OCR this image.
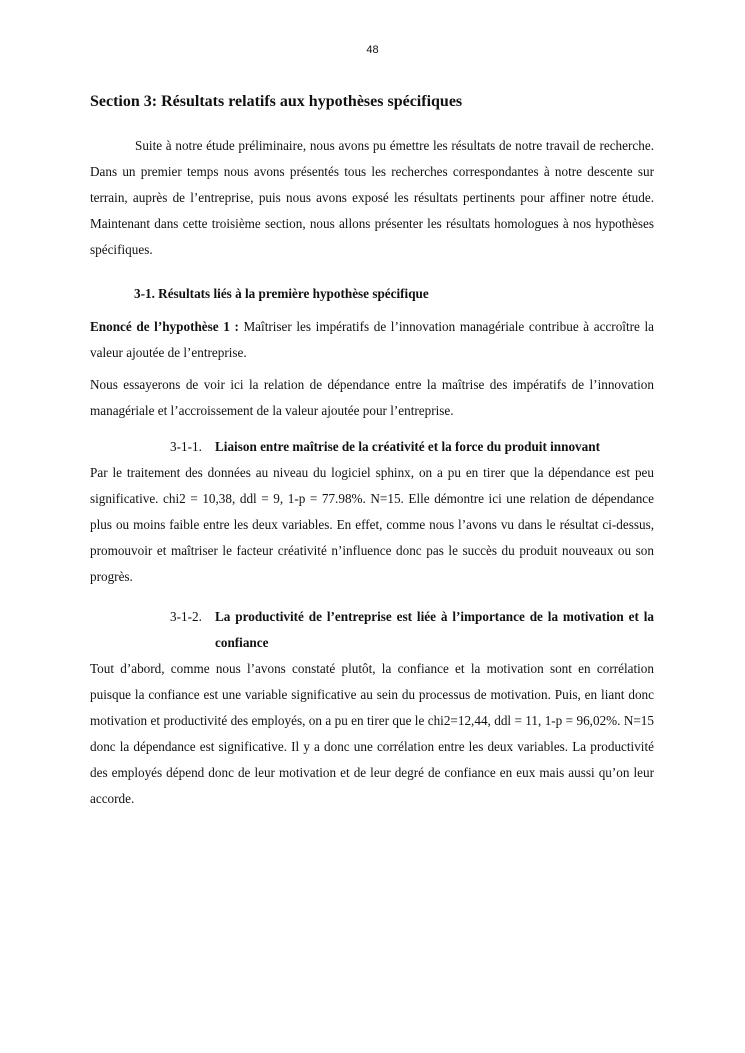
48
Section 3: Résultats relatifs aux hypothèses spécifiques

Suite à notre étude préliminaire, nous avons pu émettre les résultats de notre travail de recherche. Dans un premier temps nous avons présentés tous les recherches correspondantes à notre descente sur terrain, auprès de l’entreprise, puis nous avons exposé les résultats pertinents pour affiner notre étude. Maintenant dans cette troisième section, nous allons présenter les résultats homologues à nos hypothèses spécifiques.

3-1. Résultats liés à la première hypothèse spécifique

Enoncé de l’hypothèse 1 : Maîtriser les impératifs de l’innovation managériale contribue à accroître la valeur ajoutée de l’entreprise.

Nous essayerons de voir ici la relation de dépendance entre la maîtrise des impératifs de l’innovation managériale et l’accroissement de la valeur ajoutée pour l’entreprise.

3-1-1. Liaison entre maîtrise de la créativité et la force du produit innovant

Par le traitement des données au niveau du logiciel sphinx, on a pu en tirer que la dépendance est peu significative. chi2 = 10,38, ddl = 9, 1-p = 77.98%. N=15. Elle démontre ici une relation de dépendance plus ou moins faible entre les deux variables. En effet, comme nous l’avons vu dans le résultat ci-dessus, promouvoir et maîtriser le facteur créativité n’influence donc pas le succès du produit nouveaux ou son progrès.

3-1-2. La productivité de l’entreprise est liée à l’importance de la motivation et la confiance

Tout d’abord, comme nous l’avons constaté plutôt, la confiance et la motivation sont en corrélation puisque la confiance est une variable significative au sein du processus de motivation. Puis, en liant donc motivation et productivité des employés, on a pu en tirer que le chi2=12,44, ddl = 11, 1-p = 96,02%. N=15 donc la dépendance est significative. Il y a donc une corrélation entre les deux variables. La productivité des employés dépend donc de leur motivation et de leur degré de confiance en eux mais aussi qu’on leur accorde.
